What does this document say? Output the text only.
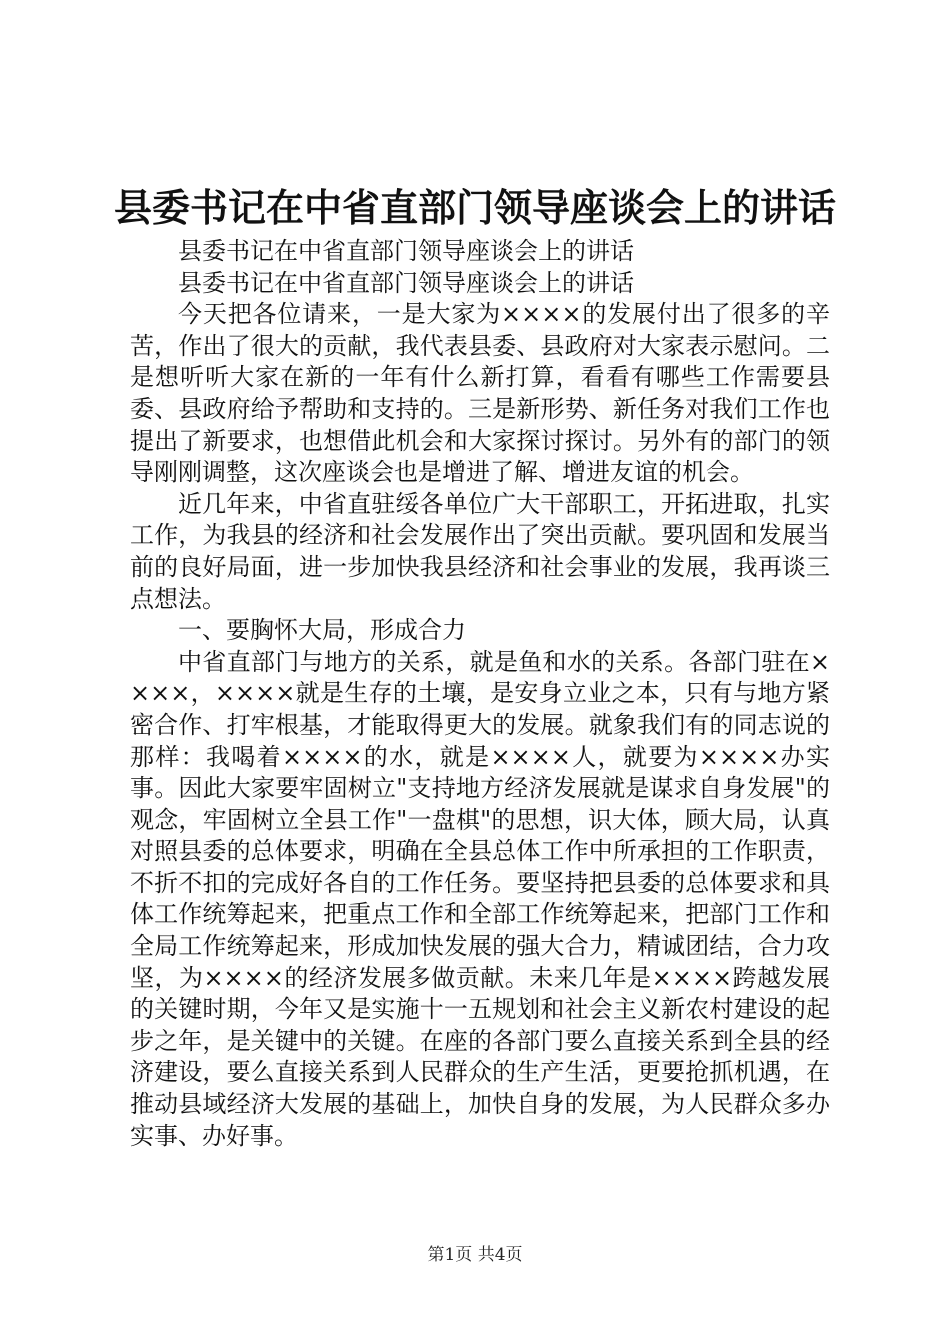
县委书记在中省直部门领导座谈会上的讲话

县委书记在中省直部门领导座谈会上的讲话

县委书记在中省直部门领导座谈会上的讲话

今天把各位请来，一是大家为××××的发展付出了很多的辛苦，作出了很大的贡献，我代表县委、县政府对大家表示慰问。二是想听听大家在新的一年有什么新打算，看看有哪些工作需要县委、县政府给予帮助和支持的。三是新形势、新任务对我们工作也提出了新要求，也想借此机会和大家探讨探讨。另外有的部门的领导刚刚调整，这次座谈会也是增进了解、增进友谊的机会。

近几年来，中省直驻绥各单位广大干部职工，开拓进取，扎实工作，为我县的经济和社会发展作出了突出贡献。要巩固和发展当前的良好局面，进一步加快我县经济和社会事业的发展，我再谈三点想法。

一、要胸怀大局，形成合力

中省直部门与地方的关系，就是鱼和水的关系。各部门驻在××××，××××就是生存的土壤，是安身立业之本，只有与地方紧密合作、打牢根基，才能取得更大的发展。就象我们有的同志说的那样：我喝着××××的水，就是××××人，就要为××××办实事。因此大家要牢固树立"支持地方经济发展就是谋求自身发展"的观念，牢固树立全县工作"一盘棋"的思想，识大体，顾大局，认真对照县委的总体要求，明确在全县总体工作中所承担的工作职责，不折不扣的完成好各自的工作任务。要坚持把县委的总体要求和具体工作统筹起来，把重点工作和全部工作统筹起来，把部门工作和全局工作统筹起来，形成加快发展的强大合力，精诚团结，合力攻坚，为××××的经济发展多做贡献。未来几年是××××跨越发展的关键时期，今年又是实施十一五规划和社会主义新农村建设的起步之年，是关键中的关键。在座的各部门要么直接关系到全县的经济建设，要么直接关系到人民群众的生产生活，更要抢抓机遇，在推动县域经济大发展的基础上，加快自身的发展，为人民群众多办实事、办好事。

第1页 共4页
